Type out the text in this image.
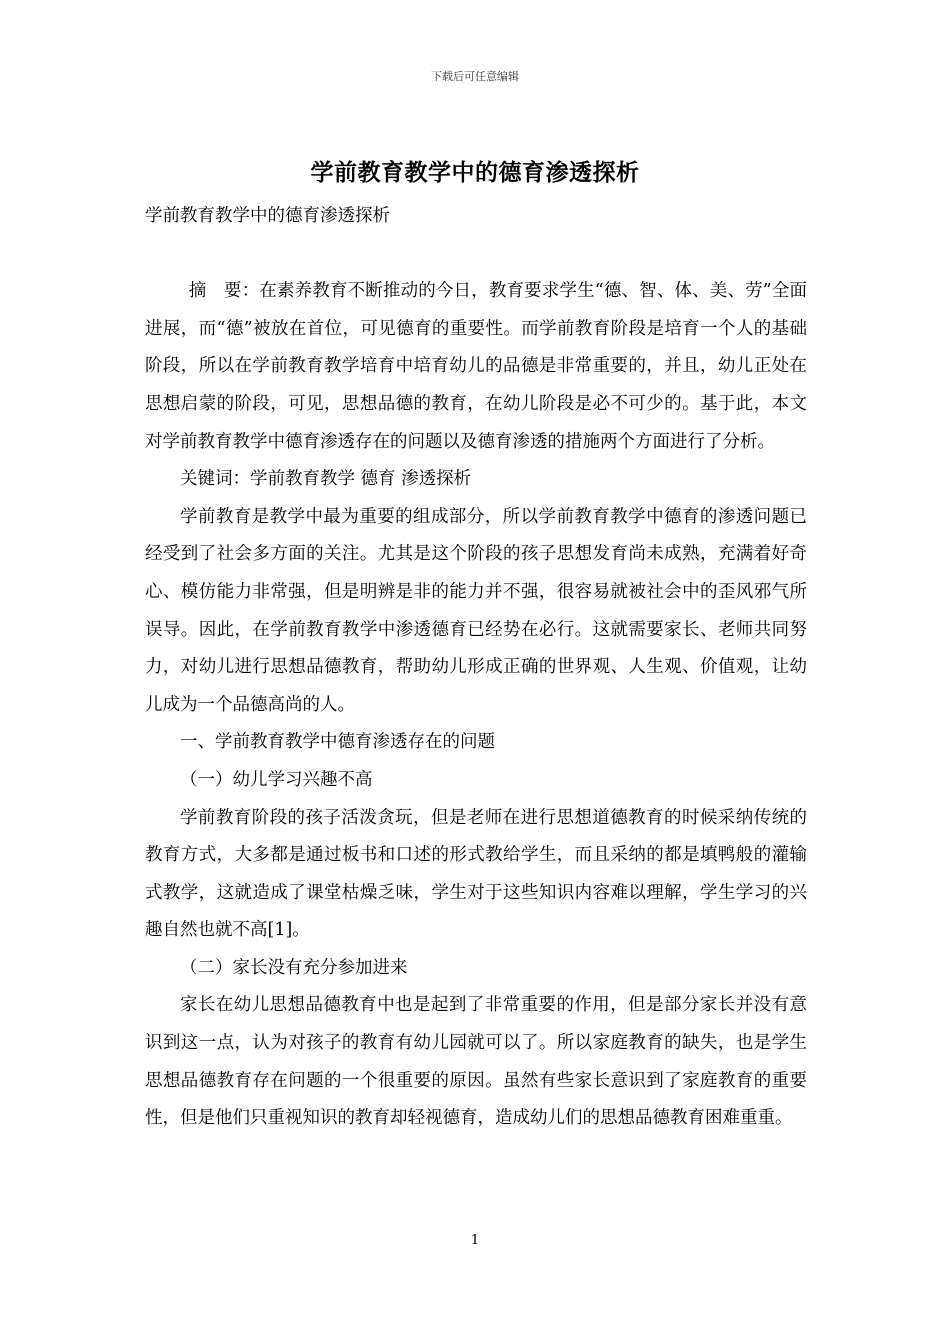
下载后可任意编辑
学前教育教学中的德育渗透探析

学前教育教学中的德育渗透探析

摘　要：在素养教育不断推动的今日，教育要求学生“德、智、体、美、劳”全面进展，而“德”被放在首位，可见德育的重要性。而学前教育阶段是培育一个人的基础阶段，所以在学前教育教学培育中培育幼儿的品德是非常重要的，并且，幼儿正处在思想启蒙的阶段，可见，思想品德的教育，在幼儿阶段是必不可少的。基于此，本文对学前教育教学中德育渗透存在的问题以及德育渗透的措施两个方面进行了分析。

关键词：学前教育教学 德育 渗透探析

学前教育是教学中最为重要的组成部分，所以学前教育教学中德育的渗透问题已经受到了社会多方面的关注。尤其是这个阶段的孩子思想发育尚未成熟，充满着好奇心、模仿能力非常强，但是明辨是非的能力并不强，很容易就被社会中的歪风邪气所误导。因此，在学前教育教学中渗透德育已经势在必行。这就需要家长、老师共同努力，对幼儿进行思想品德教育，帮助幼儿形成正确的世界观、人生观、价值观，让幼儿成为一个品德高尚的人。

一、学前教育教学中德育渗透存在的问题

（一）幼儿学习兴趣不高

学前教育阶段的孩子活泼贪玩，但是老师在进行思想道德教育的时候采纳传统的教育方式，大多都是通过板书和口述的形式教给学生，而且采纳的都是填鸭般的灌输式教学，这就造成了课堂枯燥乏味，学生对于这些知识内容难以理解，学生学习的兴趣自然也就不高[1]。

（二）家长没有充分参加进来

家长在幼儿思想品德教育中也是起到了非常重要的作用，但是部分家长并没有意识到这一点，认为对孩子的教育有幼儿园就可以了。所以家庭教育的缺失，也是学生思想品德教育存在问题的一个很重要的原因。虽然有些家长意识到了家庭教育的重要性，但是他们只重视知识的教育却轻视德育，造成幼儿们的思想品德教育困难重重。

1
